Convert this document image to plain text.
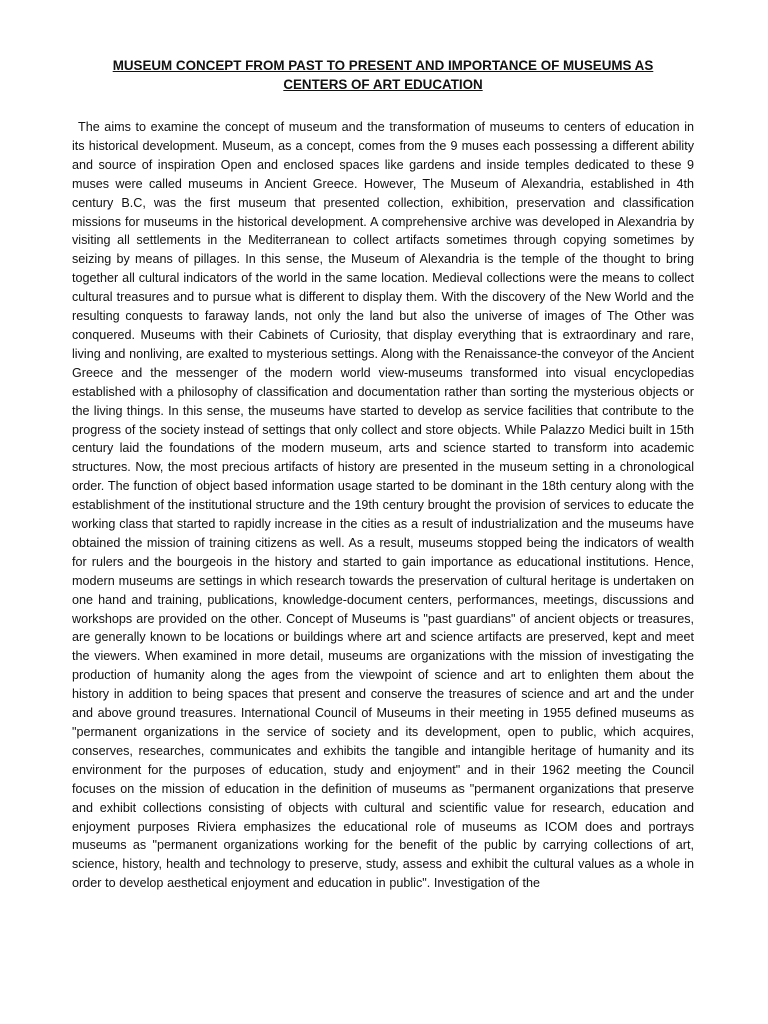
MUSEUM CONCEPT FROM PAST TO PRESENT AND IMPORTANCE OF MUSEUMS AS
CENTERS OF ART EDUCATION

The aims to examine the concept of museum and the transformation of museums to centers of education in its historical development. Museum, as a concept, comes from the 9 muses each possessing a different ability and source of inspiration Open and enclosed spaces like gardens and inside temples dedicated to these 9 muses were called museums in Ancient Greece. However, The Museum of Alexandria, established in 4th century B.C, was the first museum that presented collection, exhibition, preservation and classification missions for museums in the historical development. A comprehensive archive was developed in Alexandria by visiting all settlements in the Mediterranean to collect artifacts sometimes through copying sometimes by seizing by means of pillages. In this sense, the Museum of Alexandria is the temple of the thought to bring together all cultural indicators of the world in the same location. Medieval collections were the means to collect cultural treasures and to pursue what is different to display them. With the discovery of the New World and the resulting conquests to faraway lands, not only the land but also the universe of images of The Other was conquered. Museums with their Cabinets of Curiosity, that display everything that is extraordinary and rare, living and nonliving, are exalted to mysterious settings. Along with the Renaissance-the conveyor of the Ancient Greece and the messenger of the modern world view-museums transformed into visual encyclopedias established with a philosophy of classification and documentation rather than sorting the mysterious objects or the living things. In this sense, the museums have started to develop as service facilities that contribute to the progress of the society instead of settings that only collect and store objects. While Palazzo Medici built in 15th century laid the foundations of the modern museum, arts and science started to transform into academic structures. Now, the most precious artifacts of history are presented in the museum setting in a chronological order. The function of object based information usage started to be dominant in the 18th century along with the establishment of the institutional structure and the 19th century brought the provision of services to educate the working class that started to rapidly increase in the cities as a result of industrialization and the museums have obtained the mission of training citizens as well. As a result, museums stopped being the indicators of wealth for rulers and the bourgeois in the history and started to gain importance as educational institutions. Hence, modern museums are settings in which research towards the preservation of cultural heritage is undertaken on one hand and training, publications, knowledge-document centers, performances, meetings, discussions and workshops are provided on the other. Concept of Museums is "past guardians" of ancient objects or treasures, are generally known to be locations or buildings where art and science artifacts are preserved, kept and meet the viewers. When examined in more detail, museums are organizations with the mission of investigating the production of humanity along the ages from the viewpoint of science and art to enlighten them about the history in addition to being spaces that present and conserve the treasures of science and art and the under and above ground treasures. International Council of Museums in their meeting in 1955 defined museums as "permanent organizations in the service of society and its development, open to public, which acquires, conserves, researches, communicates and exhibits the tangible and intangible heritage of humanity and its environment for the purposes of education, study and enjoyment" and in their 1962 meeting the Council focuses on the mission of education in the definition of museums as "permanent organizations that preserve and exhibit collections consisting of objects with cultural and scientific value for research, education and enjoyment purposes Riviera emphasizes the educational role of museums as ICOM does and portrays museums as "permanent organizations working for the benefit of the public by carrying collections of art, science, history, health and technology to preserve, study, assess and exhibit the cultural values as a whole in order to develop aesthetical enjoyment and education in public". Investigation of the
